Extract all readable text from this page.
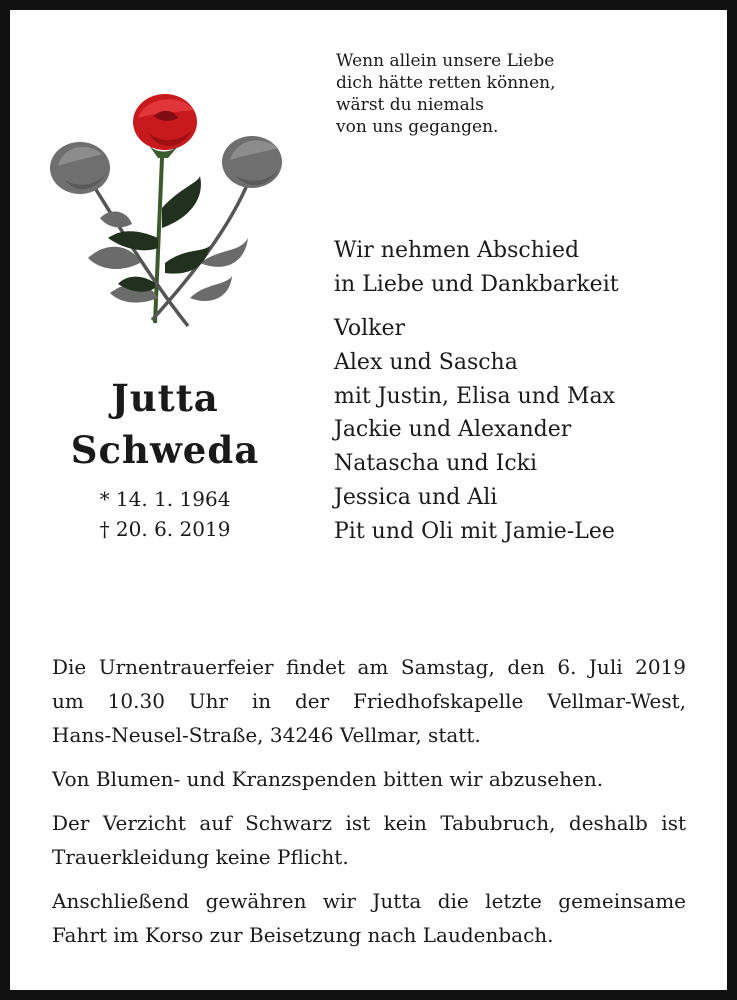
Wenn allein unsere Liebe
dich hätte retten können,
wärst du niemals
von uns gegangen.
Wir nehmen Abschied
in Liebe und Dankbarkeit
Volker
Alex und Sascha
mit Justin, Elisa und Max
Jackie und Alexander
Natascha und Icki
Jessica und Ali
Pit und Oli mit Jamie-Lee
Jutta
Schweda
* 14. 1. 1964
† 20. 6. 2019
Die Urnentrauerfeier findet am Samstag, den 6. Juli 2019
um 10.30 Uhr in der Friedhofskapelle Vellmar-West,
Hans-Neusel-Straße, 34246 Vellmar, statt.
Von Blumen- und Kranzspenden bitten wir abzusehen.
Der Verzicht auf Schwarz ist kein Tabubruch, deshalb ist
Trauerkleidung keine Pflicht.
Anschließend gewähren wir Jutta die letzte gemeinsame
Fahrt im Korso zur Beisetzung nach Laudenbach.
